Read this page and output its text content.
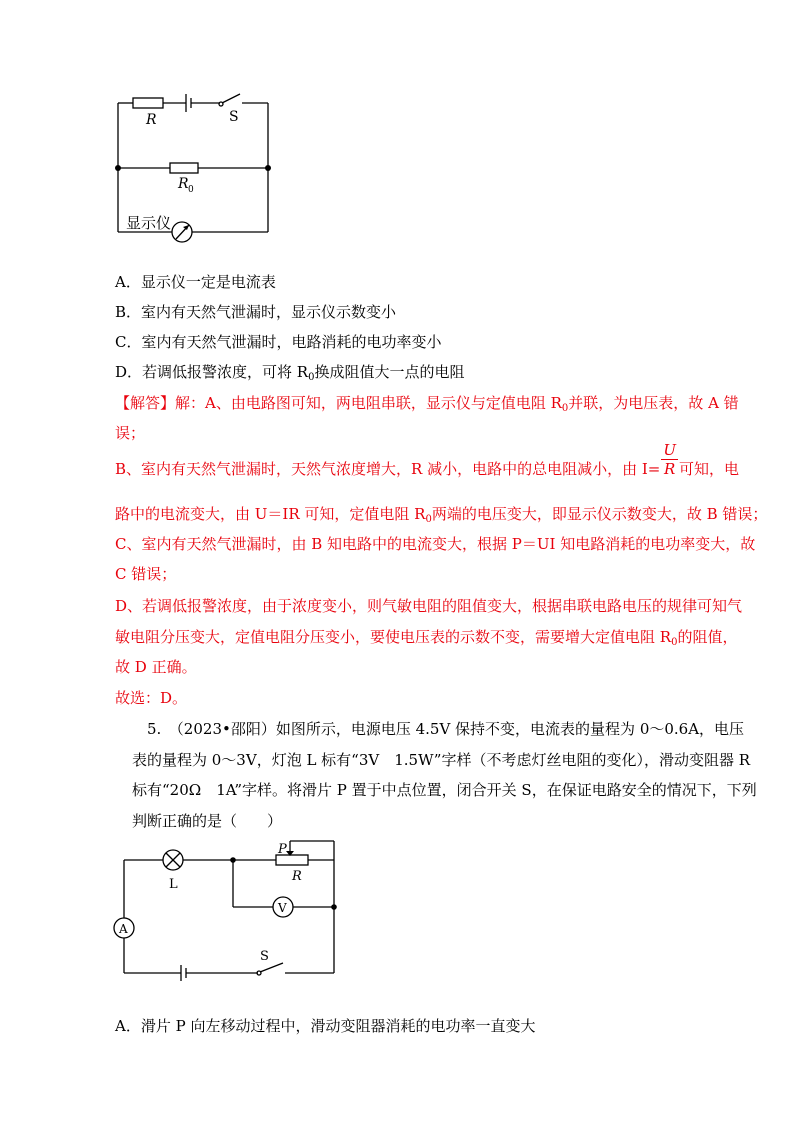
R	S
R 0
显示仪
A．显示仪一定是电流表
B．室内有天然气泄漏时，显示仪示数变小
C．室内有天然气泄漏时，电路消耗的电功率变小
D．若调低报警浓度，可将 $R_0$换成阻值大一点的电阻
【解答】解：A、由电路图可知，两电阻串联，显示仪与定值电阻 $R_0$并联，为电压表，故 A 错
误；
B、室内有天然气泄漏时，天然气浓度增大，R 减小，电路中的总电阻减小，由 $I= \frac{U}{R}$ 可知，电
路中的电流变大，由 U＝IR 可知，定值电阻 $R_0$两端的电压变大，即显示仪示数变大，故 B 错误；
C、室内有天然气泄漏时，由 B 知电路中的电流变大，根据 P＝UI 知电路消耗的电功率变大，故
C 错误；
D、若调低报警浓度，由于浓度变小，则气敏电阻的阻值变大，根据串联电路电压的规律可知气
敏电阻分压变大，定值电阻分压变小，要使电压表的示数不变，需要增大定值电阻 $R_0$的阻值，
故 D 正确。
故选：D。
5.　（2023•邵阳）如图所示，电源电压 4.5V 保持不变，电流表的量程为 0～0.6A，电压
表的量程为 0～3V，灯泡 L 标有“3V　1.5W”字样（不考虑灯丝电阻的变化），滑动变阻器 R
标有“20Ω　1A”字样。将滑片 P 置于中点位置，闭合开关 S，在保证电路安全的情况下，下列
判断正确的是（　　）
P
R
L
V
A
S
A．滑片 P 向左移动过程中，滑动变阻器消耗的电功率一直变大
